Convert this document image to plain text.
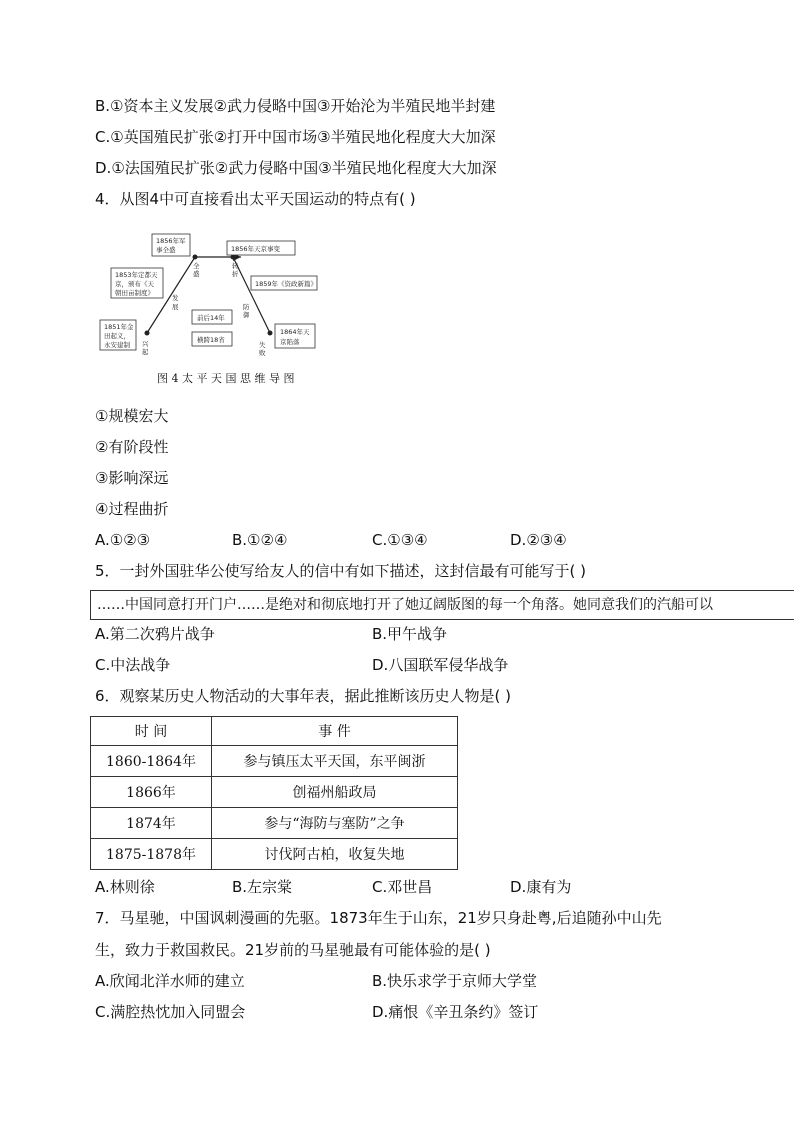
B.①资本主义发展②武力侵略中国③开始沦为半殖民地半封建
C.①英国殖民扩张②打开中国市场③半殖民地化程度大大加深
D.①法国殖民扩张②武力侵略中国③半殖民地化程度大大加深
4．从图4中可直接看出太平天国运动的特点有( )
1856年军
事全盛
1853年定都天
京，颁布《天
朝田亩制度》
1851年金
田起义，
永安建制
1856年天京事变
1859年《资政新篇》
前后14年
横跨18省
1864年天
京陷落
兴
起
发
展
全
盛
转
折
防
御
失
败
图 4 太 平 天 国 思 维 导 图
①规模宏大
②有阶段性
③影响深远
④过程曲折
A.①②③	B.①②④	C.①③④	D.②③④
5．一封外国驻华公使写给友人的信中有如下描述，这封信最有可能写于( )
……中国同意打开门户……是绝对和彻底地打开了她辽阔版图的每一个角落。她同意我们的汽船可以
A.第二次鸦片战争	B.甲午战争
C.中法战争	D.八国联军侵华战争
6．观察某历史人物活动的大事年表，据此推断该历史人物是( )
时 间	事 件
1860-1864年	参与镇压太平天国，东平闽浙
1866年	创福州船政局
1874年	参与“海防与塞防”之争
1875-1878年	讨伐阿古柏，收复失地
A.林则徐	B.左宗棠	C.邓世昌	D.康有为
7．马星驰，中国讽刺漫画的先驱。1873年生于山东，21岁只身赴粤,后追随孙中山先
生，致力于救国救民。21岁前的马星驰最有可能体验的是( )
A.欣闻北洋水师的建立	B.快乐求学于京师大学堂
C.满腔热忱加入同盟会	D.痛恨《辛丑条约》签订
